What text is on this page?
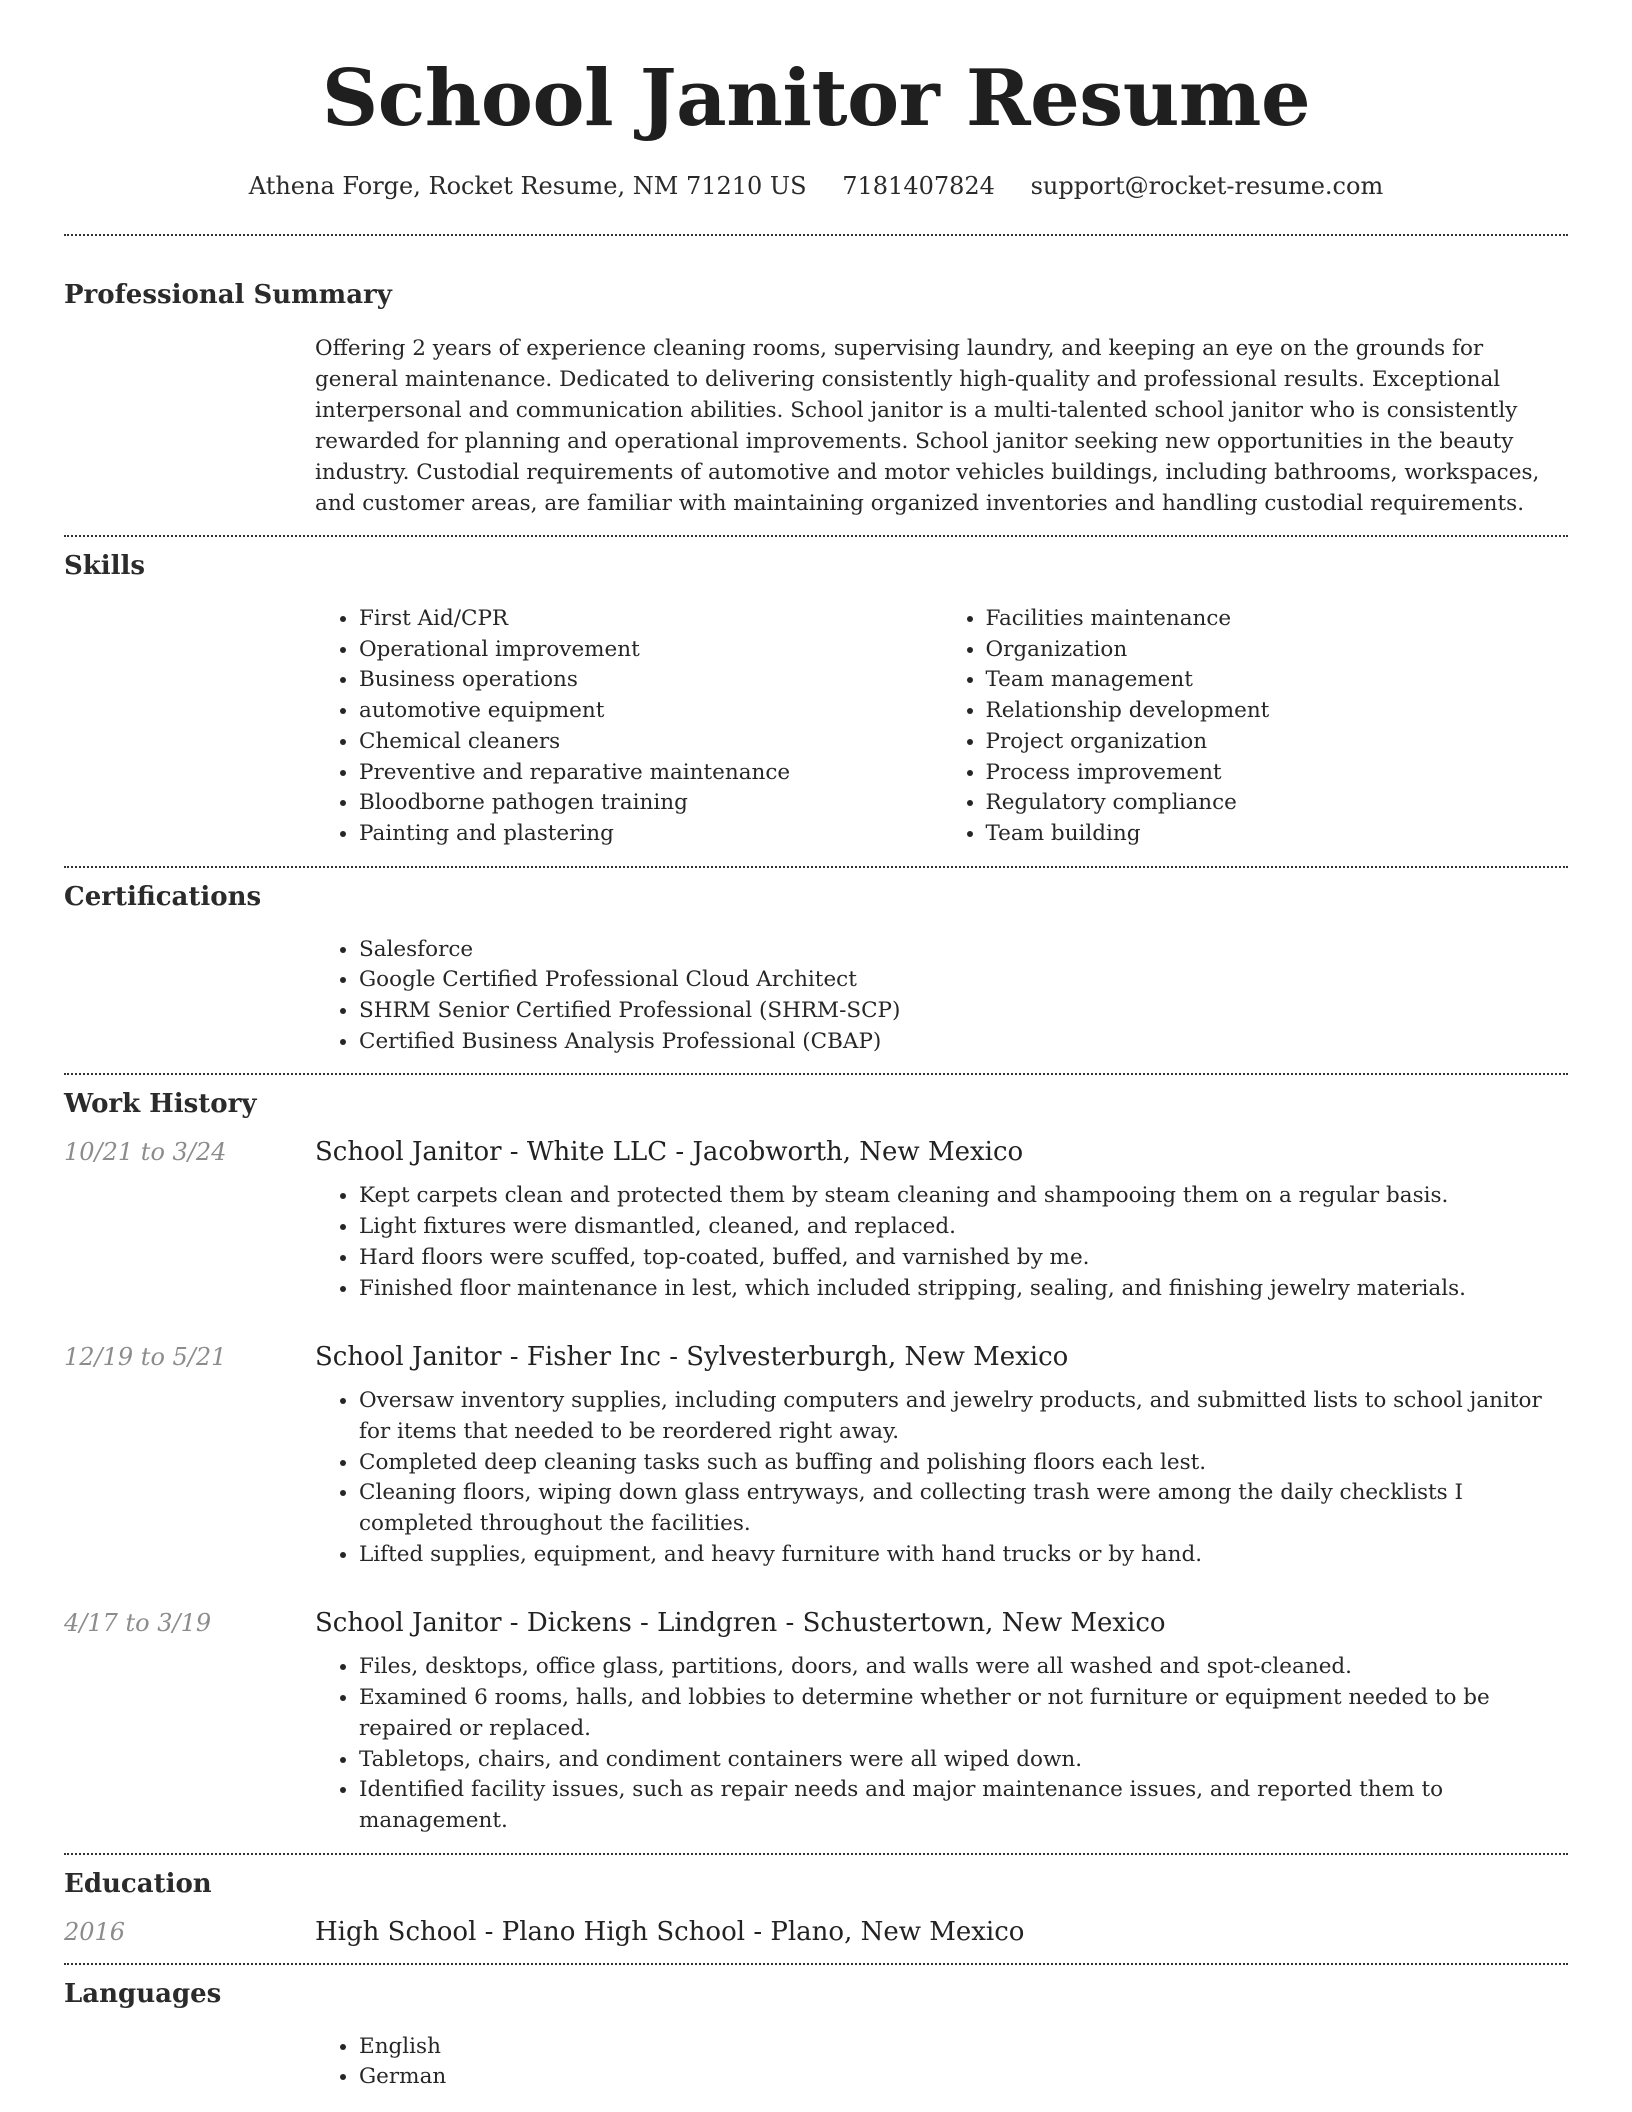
School Janitor Resume
Athena Forge, Rocket Resume, NM 71210 US 7181407824 support@rocket-resume.com
Professional Summary

Offering 2 years of experience cleaning rooms, supervising laundry, and keeping an eye on the grounds for general maintenance. Dedicated to delivering consistently high-quality and professional results. Exceptional interpersonal and communication abilities. School janitor is a multi-talented school janitor who is consistently rewarded for planning and operational improvements. School janitor seeking new opportunities in the beauty industry. Custodial requirements of automotive and motor vehicles buildings, including bathrooms, workspaces, and customer areas, are familiar with maintaining organized inventories and handling custodial requirements.

Skills
• First Aid/CPR
• Operational improvement
• Business operations
• automotive equipment
• Chemical cleaners
• Preventive and reparative maintenance
• Bloodborne pathogen training
• Painting and plastering
• Facilities maintenance
• Organization
• Team management
• Relationship development
• Project organization
• Process improvement
• Regulatory compliance
• Team building
Certifications
• Salesforce
• Google Certified Professional Cloud Architect
• SHRM Senior Certified Professional (SHRM-SCP)
• Certified Business Analysis Professional (CBAP)
Work History
10/21 to 3/24	School Janitor - White LLC - Jacobworth, New Mexico
• Kept carpets clean and protected them by steam cleaning and shampooing them on a regular basis.
• Light fixtures were dismantled, cleaned, and replaced.
• Hard floors were scuffed, top-coated, buffed, and varnished by me.
• Finished floor maintenance in lest, which included stripping, sealing, and finishing jewelry materials.
12/19 to 5/21	School Janitor - Fisher Inc - Sylvesterburgh, New Mexico
• Oversaw inventory supplies, including computers and jewelry products, and submitted lists to school janitor for items that needed to be reordered right away.
• Completed deep cleaning tasks such as buffing and polishing floors each lest.
• Cleaning floors, wiping down glass entryways, and collecting trash were among the daily checklists I completed throughout the facilities.
• Lifted supplies, equipment, and heavy furniture with hand trucks or by hand.
4/17 to 3/19	School Janitor - Dickens - Lindgren - Schustertown, New Mexico
• Files, desktops, office glass, partitions, doors, and walls were all washed and spot-cleaned.
• Examined 6 rooms, halls, and lobbies to determine whether or not furniture or equipment needed to be repaired or replaced.
• Tabletops, chairs, and condiment containers were all wiped down.
• Identified facility issues, such as repair needs and major maintenance issues, and reported them to management.
Education
2016	High School - Plano High School - Plano, New Mexico
Languages
• English
• German
